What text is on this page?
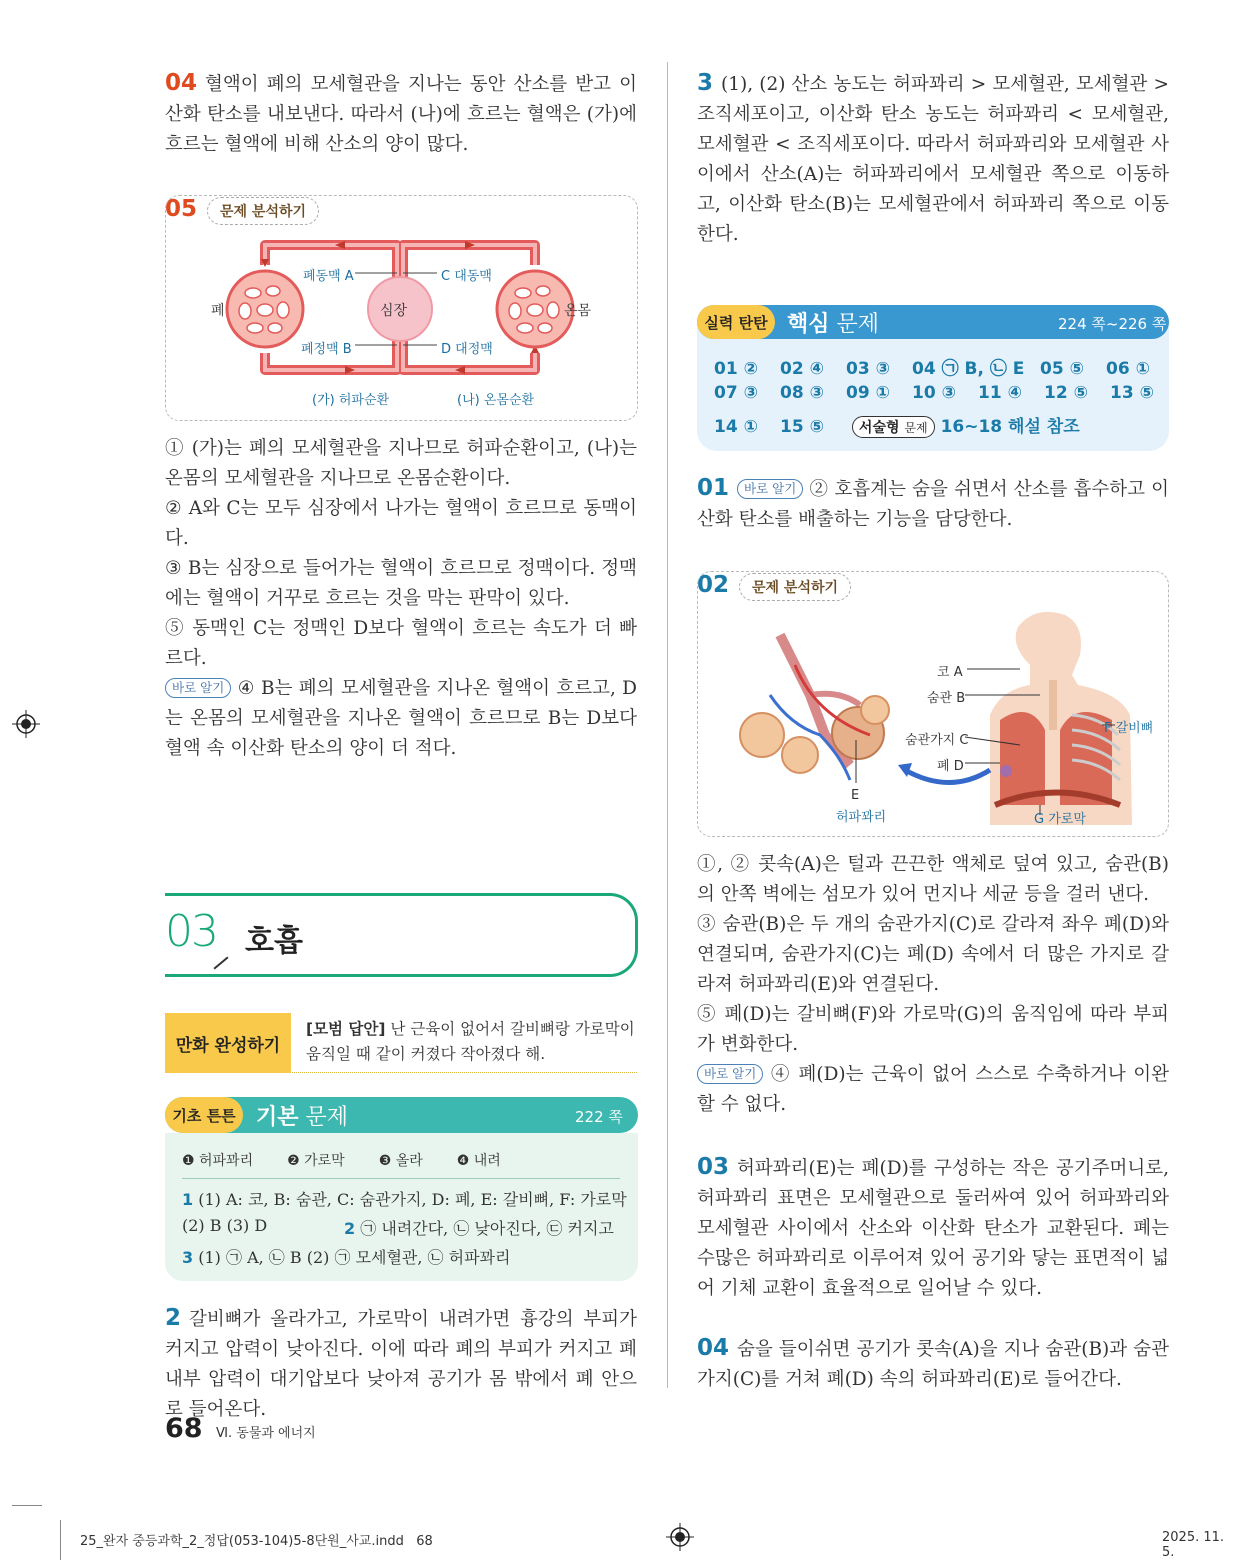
04 혈액이 폐의 모세혈관을 지나는 동안 산소를 받고 이산화 탄소를 내보낸다. 따라서 (나)에 흐르는 혈액은 (가)에 흐르는 혈액에 비해 산소의 양이 많다.
05	문제 분석하기
심장
폐	온몸
폐동맥 A
폐정맥 B
C 대동맥
D 대정맥
(가) 허파순환	(나) 온몸순환
① (가)는 폐의 모세혈관을 지나므로 허파순환이고, (나)는 온몸의 모세혈관을 지나므로 온몸순환이다.
② A와 C는 모두 심장에서 나가는 혈액이 흐르므로 동맥이다.
③ B는 심장으로 들어가는 혈액이 흐르므로 정맥이다. 정맥에는 혈액이 거꾸로 흐르는 것을 막는 판막이 있다.
⑤ 동맥인 C는 정맥인 D보다 혈액이 흐르는 속도가 더 빠르다.
바로 알기 ④ B는 폐의 모세혈관을 지나온 혈액이 흐르고, D는 온몸의 모세혈관을 지나온 혈액이 흐르므로 B는 D보다 혈액 속 이산화 탄소의 양이 더 적다.
03 호흡
만화 완성하기
[모범 답안] 난 근육이 없어서 갈비뼈랑 가로막이 움직일 때 같이 커졌다 작아졌다 해.
기초 튼튼 기본 문제	222 쪽
❶ 허파꽈리 ❷ 가로막 ❸ 올라 ❹ 내려
1 (1) A: 코, B: 숨관, C: 숨관가지, D: 폐, E: 갈비뼈, F: 가로막
(2) B (3) D	2 ㉠ 내려간다, ㉡ 낮아진다, ㉢ 커지고
3 (1) ㉠ A, ㉡ B (2) ㉠ 모세혈관, ㉡ 허파꽈리
2 갈비뼈가 올라가고, 가로막이 내려가면 흉강의 부피가 커지고 압력이 낮아진다. 이에 따라 폐의 부피가 커지고 폐 내부 압력이 대기압보다 낮아져 공기가 몸 밖에서 폐 안으로 들어온다.
3 (1), (2) 산소 농도는 허파꽈리 > 모세혈관, 모세혈관 > 조직세포이고, 이산화 탄소 농도는 허파꽈리 < 모세혈관, 모세혈관 < 조직세포이다. 따라서 허파꽈리와 모세혈관 사이에서 산소(A)는 허파꽈리에서 모세혈관 쪽으로 이동하고, 이산화 탄소(B)는 모세혈관에서 허파꽈리 쪽으로 이동한다.
실력 탄탄 핵심 문제	224 쪽~226 쪽
01 ② 02 ④ 03 ③ 04 ㉠ B, ㉡ E 05 ⑤ 06 ①
07 ③ 08 ③ 09 ① 10 ③ 11 ④ 12 ⑤ 13 ⑤
14 ① 15 ⑤ 서술형 문제 16~18 해설 참조
01 바로 알기 ② 호흡계는 숨을 쉬면서 산소를 흡수하고 이산화 탄소를 배출하는 기능을 담당한다.
02	문제 분석하기
코 A
숨관 B
숨관가지 C
폐 D
E
허파꽈리
F 갈비뼈
G 가로막
①, ② 콧속(A)은 털과 끈끈한 액체로 덮여 있고, 숨관(B)의 안쪽 벽에는 섬모가 있어 먼지나 세균 등을 걸러 낸다.
③ 숨관(B)은 두 개의 숨관가지(C)로 갈라져 좌우 폐(D)와 연결되며, 숨관가지(C)는 폐(D) 속에서 더 많은 가지로 갈라져 허파꽈리(E)와 연결된다.
⑤ 폐(D)는 갈비뼈(F)와 가로막(G)의 움직임에 따라 부피가 변화한다.
바로 알기 ④ 폐(D)는 근육이 없어 스스로 수축하거나 이완할 수 없다.
03 허파꽈리(E)는 폐(D)를 구성하는 작은 공기주머니로, 허파꽈리 표면은 모세혈관으로 둘러싸여 있어 허파꽈리와 모세혈관 사이에서 산소와 이산화 탄소가 교환된다. 폐는 수많은 허파꽈리로 이루어져 있어 공기와 닿는 표면적이 넓어 기체 교환이 효율적으로 일어날 수 있다.
04 숨을 들이쉬면 공기가 콧속(A)을 지나 숨관(B)과 숨관가지(C)를 거쳐 폐(D) 속의 허파꽈리(E)로 들어간다.
68 Ⅵ. 동물과 에너지
25_완자 중등과학_2_정답(053-104)5-8단원_사교.indd   68	2025. 11. 5.
